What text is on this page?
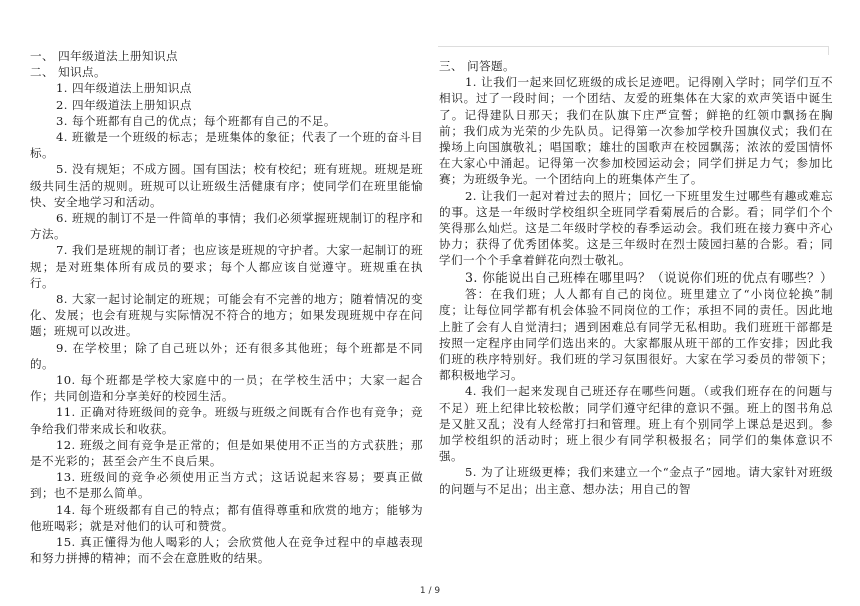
一、 四年级道法上册知识点

二、 知识点。

1. 四年级道法上册知识点

2. 四年级道法上册知识点

3. 每个班都有自己的优点；每个班都有自己的不足。

4. 班徽是一个班级的标志；是班集体的象征；代表了一个班的奋斗目标。

5. 没有规矩；不成方圆。国有国法；校有校纪；班有班规。班规是班级共同生活的规则。班规可以让班级生活健康有序；使同学们在班里能愉快、安全地学习和活动。

6. 班规的制订不是一件简单的事情；我们必须掌握班规制订的程序和方法。

7. 我们是班规的制订者；也应该是班规的守护者。大家一起制订的班规；是对班集体所有成员的要求；每个人都应该自觉遵守。班规重在执行。

8. 大家一起讨论制定的班规；可能会有不完善的地方；随着情况的变化、发展；也会有班规与实际情况不符合的地方；如果发现班规中存在问题；班规可以改进。

9. 在学校里；除了自己班以外；还有很多其他班；每个班都是不同的。

10. 每个班都是学校大家庭中的一员；在学校生活中；大家一起合作；共同创造和分享美好的校园生活。

11. 正确对待班级间的竞争。班级与班级之间既有合作也有竞争；竞争给我们带来成长和收获。

12. 班级之间有竞争是正常的；但是如果使用不正当的方式获胜；那是不光彩的；甚至会产生不良后果。

13. 班级间的竞争必须使用正当方式；这话说起来容易；要真正做到；也不是那么简单。

14. 每个班级都有自己的特点；都有值得尊重和欣赏的地方；能够为他班喝彩；就是对他们的认可和赞赏。

15. 真正懂得为他人喝彩的人；会欣赏他人在竞争过程中的卓越表现和努力拼搏的精神；而不会在意胜败的结果。

三、 问答题。

1. 让我们一起来回忆班级的成长足迹吧。记得刚入学时；同学们互不相识。过了一段时间；一个团结、友爱的班集体在大家的欢声笑语中诞生了。记得建队日那天；我们在队旗下庄严宣誓；鲜艳的红领巾飘扬在胸前；我们成为光荣的少先队员。记得第一次参加学校升国旗仪式；我们在操场上向国旗敬礼；唱国歌；雄壮的国歌声在校园飘荡；浓浓的爱国情怀在大家心中涌起。记得第一次参加校园运动会；同学们拼足力气；参加比赛；为班级争光。一个团结向上的班集体产生了。

2. 让我们一起对着过去的照片；回忆一下班里发生过哪些有趣或难忘的事。这是一年级时学校组织全班同学看菊展后的合影。看；同学们个个笑得那么灿烂。这是二年级时学校的春季运动会。我们班在接力赛中齐心协力；获得了优秀团体奖。这是三年级时在烈士陵园扫墓的合影。看；同学们一个个手拿着鲜花向烈士敬礼。

3. 你能说出自己班棒在哪里吗？（说说你们班的优点有哪些？）

答：在我们班；人人都有自己的岗位。班里建立了“小岗位轮换”制度；让每位同学都有机会体验不同岗位的工作；承担不同的责任。因此地上脏了会有人自觉清扫；遇到困难总有同学无私相助。我们班班干部都是按照一定程序由同学们选出来的。大家都服从班干部的工作安排；因此我们班的秩序特别好。我们班的学习氛围很好。大家在学习委员的带领下；都积极地学习。

4. 我们一起来发现自己班还存在哪些问题。（或我们班存在的问题与不足）班上纪律比较松散；同学们遵守纪律的意识不强。班上的图书角总是又脏又乱；没有人经常打扫和管理。班上有个别同学上课总是迟到。参加学校组织的活动时；班上很少有同学积极报名；同学们的集体意识不强。

5. 为了让班级更棒；我们来建立一个“金点子”园地。请大家针对班级的问题与不足出；出主意、想办法；用自己的智

1 / 9
